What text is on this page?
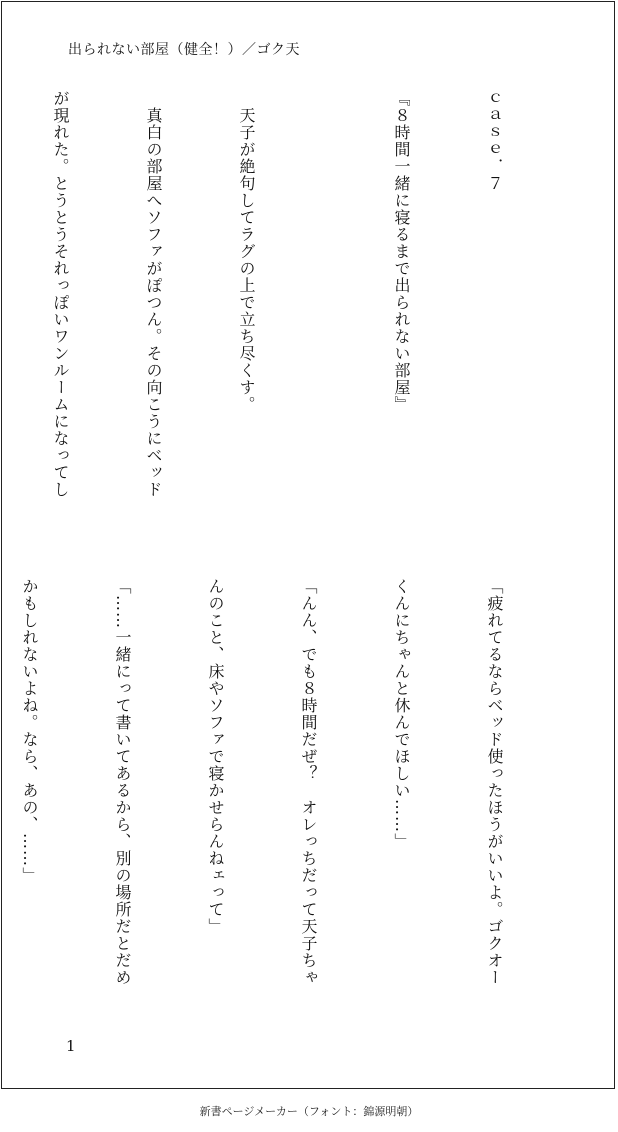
出られない部屋（健全！）／ゴク天

ｃａｓｅ．７

『８時間一緒に寝るまで出られない部屋』

　天子が絶句してラグの上で立ち尽くす。

　真白の部屋へソファがぽつん。その向こうにベッド

が現れた。とうとうそれっぽいワンルームになってし

「疲れてるならベッド使ったほうがいいよ。ゴクオー

くんにちゃんと休んでほしい……」

「んん、でも８時間だぜ？　オレっちだって天子ちゃ

んのこと、床やソファで寝かせらんねェって」

「……一緒にって書いてあるから、別の場所だとだめ

かもしれないよね。なら、あの、……」

1
新書ページメーカー（フォント：錦源明朝）
